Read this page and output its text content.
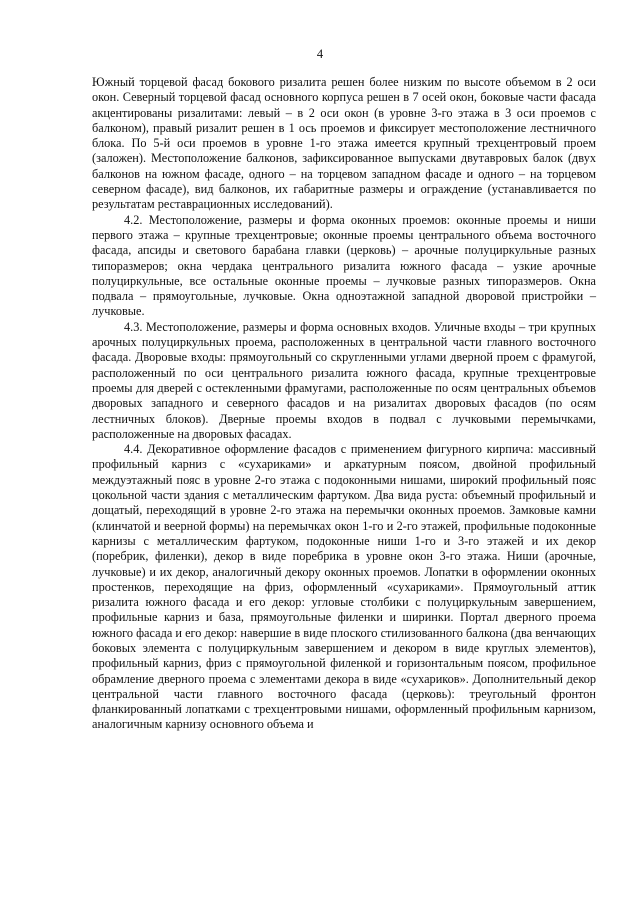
4

Южный торцевой фасад бокового ризалита решен более низким по высоте объемом в 2 оси окон. Северный торцевой фасад основного корпуса решен в 7 осей окон, боковые части фасада акцентированы ризалитами: левый – в 2 оси окон (в уровне 3-го этажа в 3 оси проемов с балконом), правый ризалит решен в 1 ось проемов и фиксирует местоположение лестничного блока. По 5-й оси проемов в уровне 1-го этажа имеется крупный трехцентровый проем (заложен). Местоположение балконов, зафиксированное выпусками двутавровых балок (двух балконов на южном фасаде, одного – на торцевом западном фасаде и одного – на торцевом северном фасаде), вид балконов, их габаритные размеры и ограждение (устанавливается по результатам реставрационных исследований).

4.2. Местоположение, размеры и форма оконных проемов: оконные проемы и ниши первого этажа – крупные трехцентровые; оконные проемы центрального объема восточного фасада, апсиды и светового барабана главки (церковь) – арочные полуциркульные разных типоразмеров; окна чердака центрального ризалита южного фасада – узкие арочные полуциркульные, все остальные оконные проемы – лучковые разных типоразмеров. Окна подвала – прямоугольные, лучковые. Окна одноэтажной западной дворовой пристройки – лучковые.

4.3. Местоположение, размеры и форма основных входов. Уличные входы – три крупных арочных полуциркульных проема, расположенных в центральной части главного восточного фасада. Дворовые входы: прямоугольный со скругленными углами дверной проем с фрамугой, расположенный по оси центрального ризалита южного фасада, крупные трехцентровые проемы для дверей с остекленными фрамугами, расположенные по осям центральных объемов дворовых западного и северного фасадов и на ризалитах дворовых фасадов (по осям лестничных блоков). Дверные проемы входов в подвал с лучковыми перемычками, расположенные на дворовых фасадах.

4.4. Декоративное оформление фасадов с применением фигурного кирпича: массивный профильный карниз с «сухариками» и аркатурным поясом, двойной профильный междуэтажный пояс в уровне 2-го этажа с подоконными нишами, широкий профильный пояс цокольной части здания с металлическим фартуком. Два вида руста: объемный профильный и дощатый, переходящий в уровне 2-го этажа на перемычки оконных проемов. Замковые камни (клинчатой и веерной формы) на перемычках окон 1-го и 2-го этажей, профильные подоконные карнизы с металлическим фартуком, подоконные ниши 1-го и 3-го этажей и их декор (поребрик, филенки), декор в виде поребрика в уровне окон 3-го этажа. Ниши (арочные, лучковые) и их декор, аналогичный декору оконных проемов. Лопатки в оформлении оконных простенков, переходящие на фриз, оформленный «сухариками». Прямоугольный аттик ризалита южного фасада и его декор: угловые столбики с полуциркульным завершением, профильные карниз и база, прямоугольные филенки и ширинки. Портал дверного проема южного фасада и его декор: навершие в виде плоского стилизованного балкона (два венчающих боковых элемента с полуциркульным завершением и декором в виде круглых элементов), профильный карниз, фриз с прямоугольной филенкой и горизонтальным поясом, профильное обрамление дверного проема с элементами декора в виде «сухариков». Дополнительный декор центральной части главного восточного фасада (церковь): треугольный фронтон фланкированный лопатками с трехцентровыми нишами, оформленный профильным карнизом, аналогичным карнизу основного объема и
